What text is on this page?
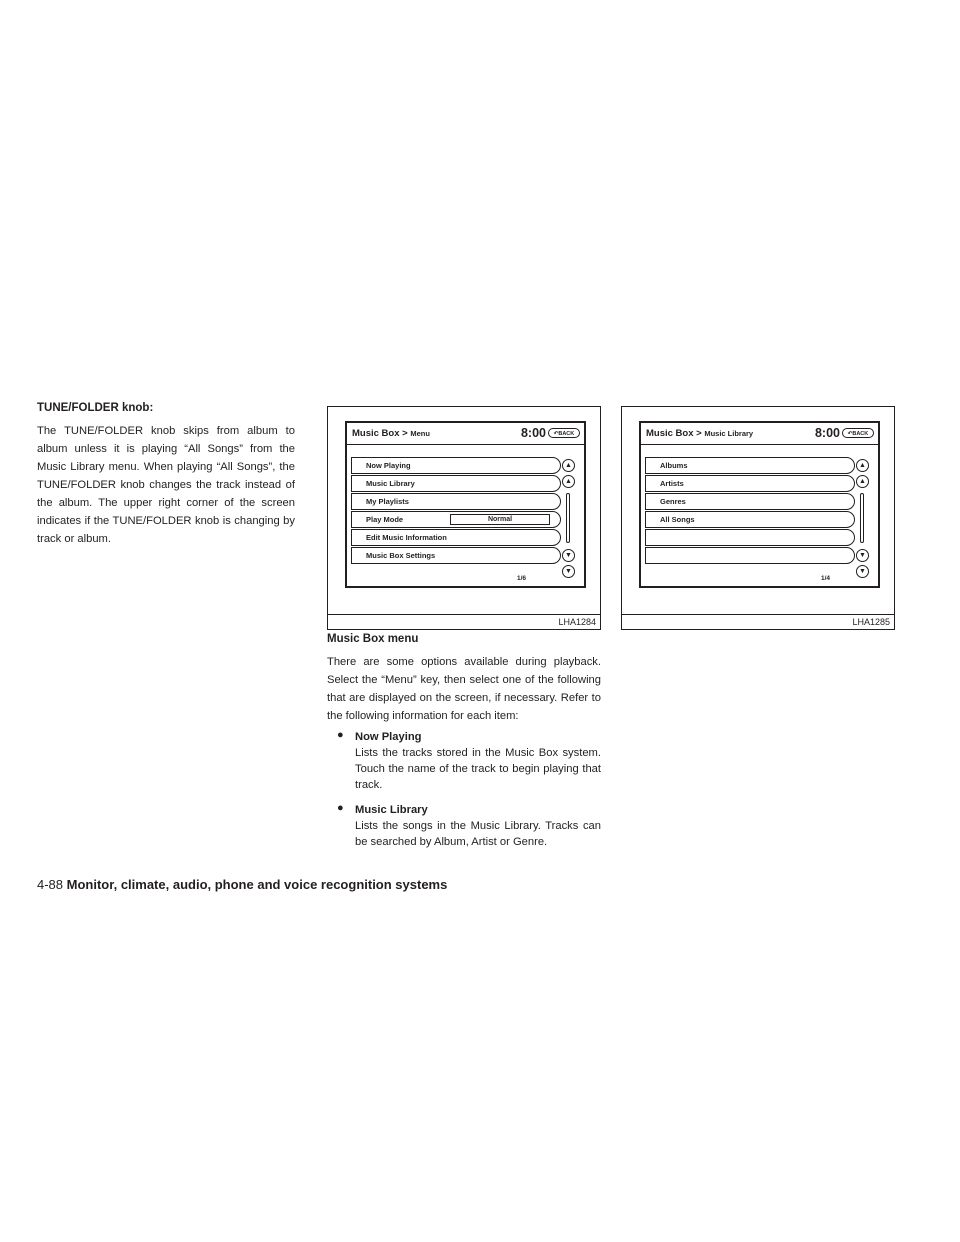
TUNE/FOLDER knob:

The TUNE/FOLDER knob skips from album to album unless it is playing “All Songs” from the Music Library menu. When playing “All Songs”, the TUNE/FOLDER knob changes the track instead of the album. The upper right corner of the screen indicates if the TUNE/FOLDER knob is changing by track or album.

Music Box > Menu	8:00	↶BACK
Now Playing
Music Library
My Playlists
Play Mode	Normal
Edit Music Information
Music Box Settings
▲
▲
▼
▼
1/6
LHA1284
Music Box > Music Library	8:00	↶BACK
Albums
Artists
Genres
All Songs
▲
▲
▼
▼
1/4
LHA1285
Music Box menu

There are some options available during playback. Select the “Menu” key, then select one of the following that are displayed on the screen, if necessary. Refer to the following information for each item:

● Now Playing
Lists the tracks stored in the Music Box system. Touch the name of the track to begin playing that track.
● Music Library
Lists the songs in the Music Library. Tracks can be searched by Album, Artist or Genre.
4-88 Monitor, climate, audio, phone and voice recognition systems
